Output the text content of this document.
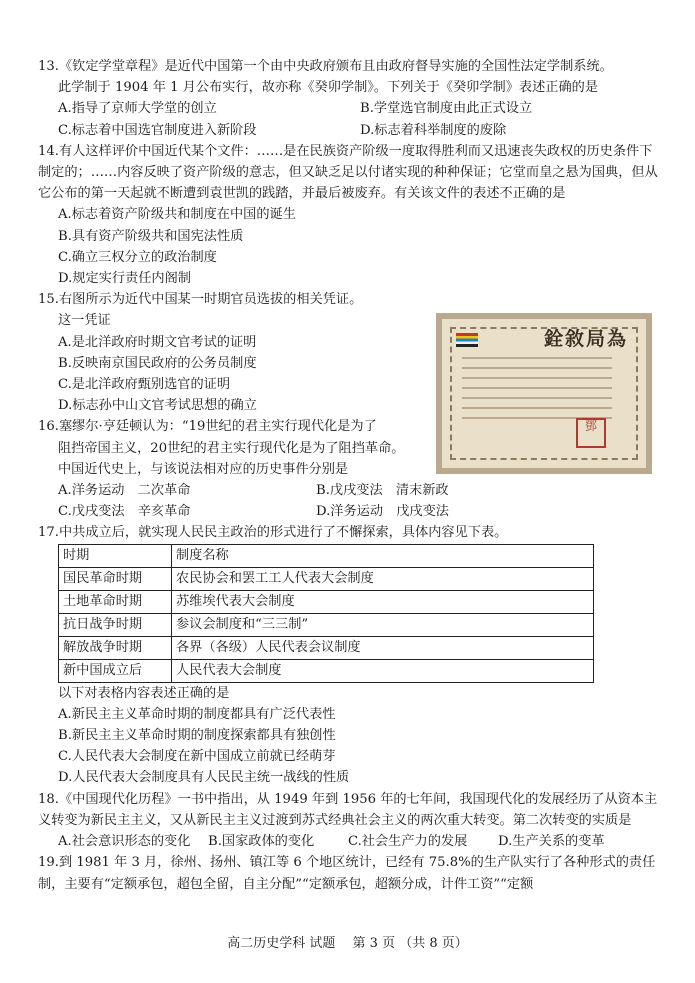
13.《钦定学堂章程》是近代中国第一个由中央政府颁布且由政府督导实施的全国性法定学制系统。

此学制于 1904 年 1 月公布实行，故亦称《癸卯学制》。下列关于《癸卯学制》表述正确的是

A.指导了京师大学堂的创立	B.学堂选官制度由此正式设立
C.标志着中国选官制度进入新阶段	D.标志着科举制度的废除

14.有人这样评价中国近代某个文件：……是在民族资产阶级一度取得胜利而又迅速丧失政权的历史条件下制定的；……内容反映了资产阶级的意志，但又缺乏足以付诸实现的种种保证；它堂而皇之悬为国典，但从它公布的第一天起就不断遭到袁世凯的践踏，并最后被废弃。有关该文件的表述不正确的是

A.标志着资产阶级共和制度在中国的诞生

B.具有资产阶级共和国宪法性质

C.确立三权分立的政治制度

D.规定实行责任内阁制

15.右图所示为近代中国某一时期官员选拔的相关凭证。

这一凭证

A.是北洋政府时期文官考试的证明

B.反映南京国民政府的公务员制度

C.是北洋政府甄别选官的证明

D.标志孙中山文官考试思想的确立

16.塞缪尔·亨廷顿认为：“19世纪的君主实行现代化是为了

阻挡帝国主义，20世纪的君主实行现代化是为了阻挡革命。

中国近代史上，与该说法相对应的历史事件分别是

A.洋务运动　二次革命	B.戊戌变法　清末新政
C.戊戌变法　辛亥革命	D.洋务运动　戊戌变法

17.中共成立后，就实现人民民主政治的形式进行了不懈探索，具体内容见下表。

时期	制度名称
国民革命时期	农民协会和罢工工人代表大会制度
土地革命时期	苏维埃代表大会制度
抗日战争时期	参议会制度和“三三制”
解放战争时期	各界（各级）人民代表会议制度
新中国成立后	人民代表大会制度

以下对表格内容表述正确的是

A.新民主主义革命时期的制度都具有广泛代表性

B.新民主主义革命时期的制度探索都具有独创性

C.人民代表大会制度在新中国成立前就已经萌芽

D.人民代表大会制度具有人民民主统一战线的性质

18.《中国现代化历程》一书中指出，从 1949 年到 1956 年的七年间，我国现代化的发展经历了从资本主义转变为新民主主义，又从新民主主义过渡到苏式经典社会主义的两次重大转变。第二次转变的实质是

A.社会意识形态的变化	B.国家政体的变化	C.社会生产力的发展	D.生产关系的变革

19.到 1981 年 3 月，徐州、扬州、镇江等 6 个地区统计，已经有 75.8%的生产队实行了各种形式的责任制，主要有“定额承包，超包全留，自主分配”“定额承包，超额分成，计件工资”“定额

銓敘局為
鄧
高二历史学科 试题　 第 3 页 （共 8 页）
